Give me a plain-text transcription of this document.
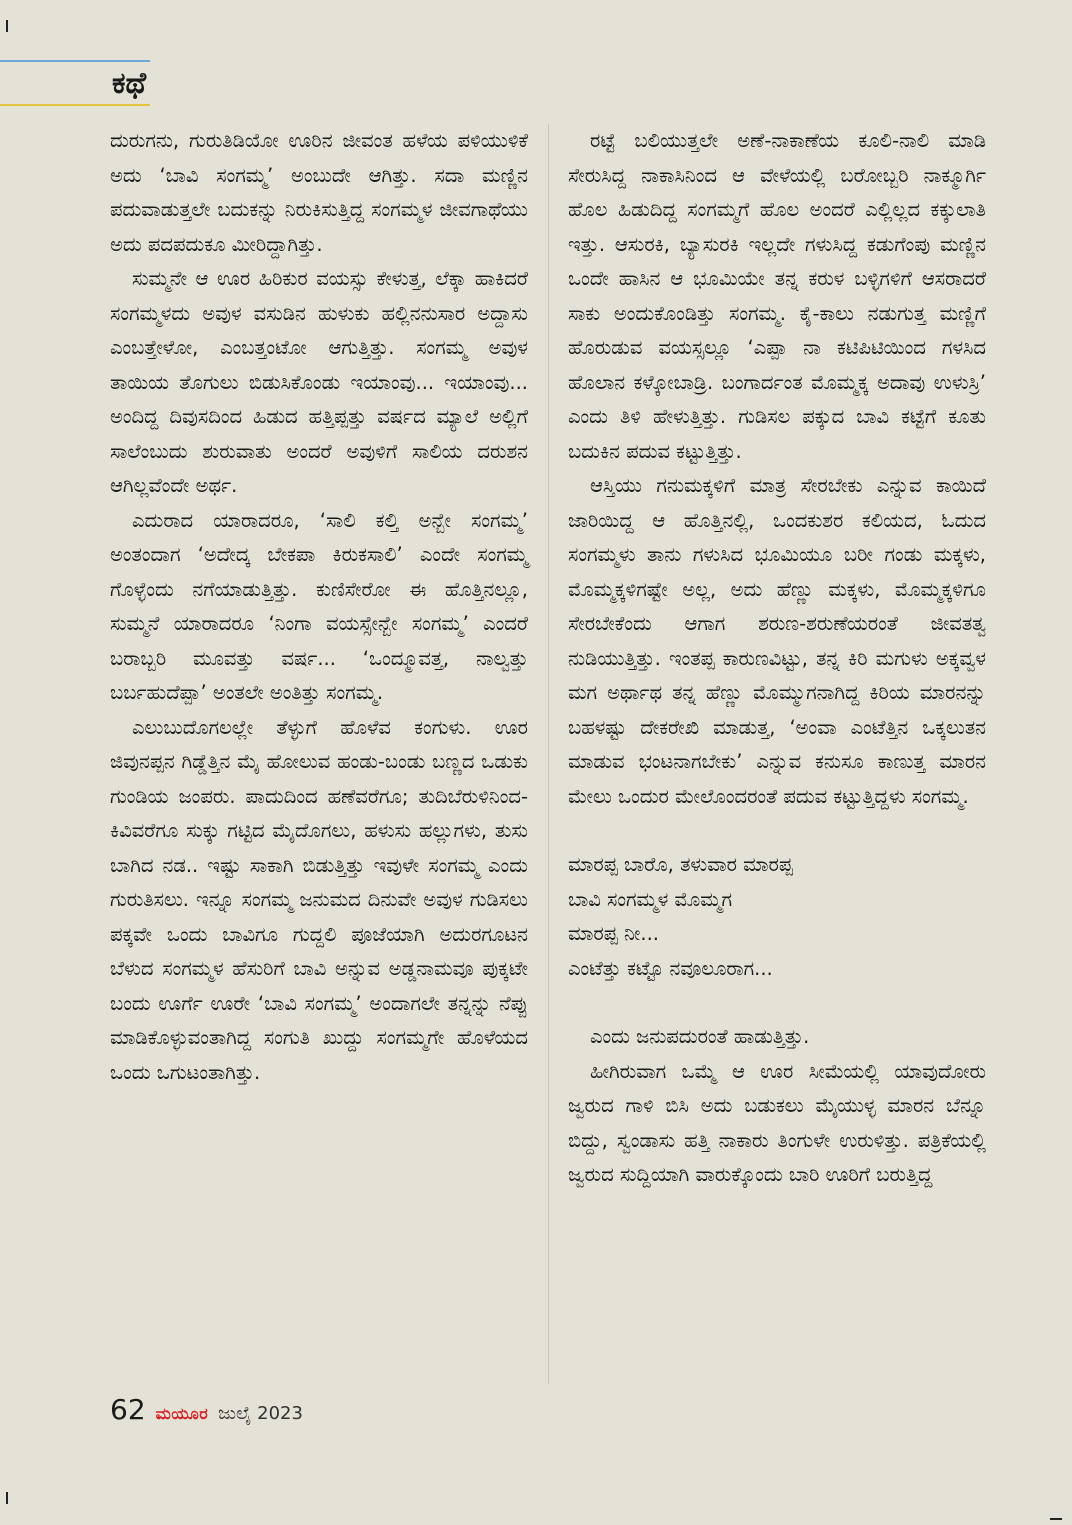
ಕಥೆ

ದುರುಗನು, ಗುರುತಿಡಿಯೋ ಊರಿನ ಜೀವಂತ ಹಳೆಯ ಪಳಿಯುಳಿಕೆ ಅದು ‘ಬಾವಿ ಸಂಗಮ್ಮ’ ಅಂಬುದೇ ಆಗಿತ್ತು. ಸದಾ ಮಣ್ಣಿನ ಪದುವಾಡುತ್ತಲೇ ಬದುಕನ್ನು ನಿರುಕಿಸುತ್ತಿದ್ದ ಸಂಗಮ್ಮಳ ಜೀವಗಾಥೆಯು ಅದು ಪದಪದುಕೂ ಮೀರಿದ್ದಾಗಿತ್ತು.

ಸುಮ್ಮನೇ ಆ ಊರ ಹಿರಿಕುರ ವಯಸ್ಸು ಕೇಳುತ್ತ, ಲೆಕ್ಕಾ ಹಾಕಿದರೆ ಸಂಗಮ್ಮಳದು ಅವುಳ ವಸುಡಿನ ಹುಳುಕು ಹಲ್ಲಿನನುಸಾರ ಅದ್ದಾಸು ಎಂಬತ್ತೇಳೋ, ಎಂಬತ್ತಂಟೋ ಆಗುತ್ತಿತ್ತು. ಸಂಗಮ್ಮ ಅವುಳ ತಾಯಿಯ ತೊಗುಲು ಬಿಡುಸಿಕೊಂಡು ಇಯಾಂವು... ಇಯಾಂವು... ಅಂದಿದ್ದ ದಿವುಸದಿಂದ ಹಿಡುದ ಹತ್ತಿಪ್ಪತ್ತು ವರ್ಷದ ಮ್ಯಾಲೆ ಅಲ್ಲಿಗೆ ಸಾಲೆಂಬುದು ಶುರುವಾತು ಅಂದರೆ ಅವುಳಿಗೆ ಸಾಲಿಯ ದರುಶನ ಆಗಿಲ್ಲವೆಂದೇ ಅರ್ಥ.

ಎದುರಾದ ಯಾರಾದರೂ, ‘ಸಾಲಿ ಕಲ್ತಿ ಅನ್ಬೇ ಸಂಗಮ್ಮ’ ಅಂತಂದಾಗ ‘ಅದೇದ್ಕ ಬೇಕಪಾ ಕಿರುಕಸಾಲಿ’ ಎಂದೇ ಸಂಗಮ್ಮ ಗೊಳ್ಳೆಂದು ನಗೆಯಾಡುತ್ತಿತ್ತು. ಕುಣಿಸೇರೋ ಈ ಹೊತ್ತಿನಲ್ಲೂ, ಸುಮ್ಮನೆ ಯಾರಾದರೂ ‘ನಿಂಗಾ ವಯಸ್ಸೇನ್ಬೇ ಸಂಗಮ್ಮ’ ಎಂದರೆ ಬರಾಬ್ಬರಿ ಮೂವತ್ತು ವರ್ಷ... ‘ಒಂದ್ಮೂವತ್ತ, ನಾಲ್ವತ್ತು ಬರ್ಬಹುದೆಪ್ಪಾ’ ಅಂತಲೇ ಅಂತಿತ್ತು ಸಂಗಮ್ಮ.

ಎಲುಬುದೊಗಲಲ್ಲೇ ತೆಳ್ಳುಗೆ ಹೊಳೆವ ಕಂಗುಳು. ಊರ ಜಿವುನಪ್ಪನ ಗಿಡ್ಡೆತ್ತಿನ ಮೈ ಹೋಲುವ ಹಂಡು-ಬಂಡು ಬಣ್ಣದ ಒಡುಕು ಗುಂಡಿಯ ಜಂಪರು. ಪಾದುದಿಂದ ಹಣೆವರೆಗೂ; ತುದಿಬೆರುಳಿನಿಂದ-ಕಿವಿವರೆಗೂ ಸುಕ್ಕು ಗಟ್ಟಿದ ಮೈದೊಗಲು, ಹಳುಸು ಹಲ್ಲುಗಳು, ತುಸು ಬಾಗಿದ ನಡ.. ಇಷ್ಟು ಸಾಕಾಗಿ ಬಿಡುತ್ತಿತ್ತು ಇವುಳೇ ಸಂಗಮ್ಮ ಎಂದು ಗುರುತಿಸಲು. ಇನ್ನೂ ಸಂಗಮ್ಮ ಜನುಮದ ದಿನುವೇ ಅವುಳ ಗುಡಿಸಲು ಪಕ್ಕವೇ ಒಂದು ಬಾವಿಗೂ ಗುದ್ದಲಿ ಪೂಜೆಯಾಗಿ ಅದುರಗೂಟನ ಬೆಳುದ ಸಂಗಮ್ಮಳ ಹೆಸುರಿಗೆ ಬಾವಿ ಅನ್ನುವ ಅಡ್ಡನಾಮವೂ ಪುಕ್ಕಟೇ ಬಂದು ಊರ್ಗೆ ಊರೇ ‘ಬಾವಿ ಸಂಗಮ್ಮ’ ಅಂದಾಗಲೇ ತನ್ನನ್ನು ನೆಪ್ಪು ಮಾಡಿಕೊಳ್ಳುವಂತಾಗಿದ್ದ ಸಂಗುತಿ ಖುದ್ದು ಸಂಗಮ್ಮಗೇ ಹೊಳೆಯದ ಒಂದು ಒಗುಟಂತಾಗಿತ್ತು.

ರಟ್ಟೆ ಬಲಿಯುತ್ತಲೇ ಅಣೆ-ನಾಕಾಣೆಯ ಕೂಲಿ-ನಾಲಿ ಮಾಡಿ ಸೇರುಸಿದ್ದ ನಾಕಾಸಿನಿಂದ ಆ ವೇಳೆಯಲ್ಲಿ ಬರೋಬ್ಬರಿ ನಾಕ್ಮೂರ್ಗಿ ಹೊಲ ಹಿಡುದಿದ್ದ ಸಂಗಮ್ಮಗೆ ಹೊಲ ಅಂದರೆ ಎಲ್ಲಿಲ್ಲದ ಕಕ್ಕುಲಾತಿ ಇತ್ತು. ಆಸುರಕಿ, ಬ್ಯಾಸುರಕಿ ಇಲ್ಲದೇ ಗಳುಸಿದ್ದ ಕಡುಗೆಂಪು ಮಣ್ಣಿನ ಒಂದೇ ಹಾಸಿನ ಆ ಭೂಮಿಯೇ ತನ್ನ ಕರುಳ ಬಳ್ಳಿಗಳಿಗೆ ಆಸರಾದರೆ ಸಾಕು ಅಂದುಕೊಂಡಿತ್ತು ಸಂಗಮ್ಮ. ಕೈ-ಕಾಲು ನಡುಗುತ್ತ ಮಣ್ಣಿಗೆ ಹೊರುಡುವ ವಯಸ್ಸಲ್ಲೂ ‘ಎಪ್ಪಾ ನಾ ಕಟಿಪಿಟಿಯಿಂದ ಗಳಸಿದ ಹೊಲಾನ ಕಳ್ಕೋಬಾಡ್ರಿ. ಬಂಗಾರ್ದಂತ ಮೊಮ್ಮಕ್ಕ ಅದಾವು ಉಳುಸ್ರಿ’ ಎಂದು ತಿಳಿ ಹೇಳುತ್ತಿತ್ತು. ಗುಡಿಸಲ ಪಕ್ಕುದ ಬಾವಿ ಕಟ್ಟೆಗೆ ಕೂತು ಬದುಕಿನ ಪದುವ ಕಟ್ಟುತ್ತಿತ್ತು.

ಆಸ್ತಿಯು ಗನುಮಕ್ಕಳಿಗೆ ಮಾತ್ರ ಸೇರಬೇಕು ಎನ್ನುವ ಕಾಯಿದೆ ಜಾರಿಯಿದ್ದ ಆ ಹೊತ್ತಿನಲ್ಲಿ, ಒಂದಕುಶರ ಕಲಿಯದ, ಓದುದ ಸಂಗಮ್ಮಳು ತಾನು ಗಳುಸಿದ ಭೂಮಿಯೂ ಬರೀ ಗಂಡು ಮಕ್ಕಳು, ಮೊಮ್ಮಕ್ಕಳಿಗಷ್ಟೇ ಅಲ್ಲ, ಅದು ಹೆಣ್ಣು ಮಕ್ಕಳು, ಮೊಮ್ಮಕ್ಕಳಿಗೂ ಸೇರಬೇಕೆಂದು ಆಗಾಗ ಶರುಣ-ಶರುಣೆಯರಂತೆ ಜೀವತತ್ವ ನುಡಿಯುತ್ತಿತ್ತು. ಇಂತಪ್ಪ ಕಾರುಣವಿಟ್ಟು, ತನ್ನ ಕಿರಿ ಮಗುಳು ಅಕ್ಕವ್ವಳ ಮಗ ಅರ್ಥಾಥ ತನ್ನ ಹೆಣ್ಣು ಮೊಮ್ಮುಗನಾಗಿದ್ದ ಕಿರಿಯ ಮಾರನನ್ನು ಬಹಳಷ್ಟು ದೇಕರೇಖಿ ಮಾಡುತ್ತ, ‘ಅಂವಾ ಎಂಟೆತ್ತಿನ ಒಕ್ಕಲುತನ ಮಾಡುವ ಭಂಟನಾಗಬೇಕು’ ಎನ್ನುವ ಕನುಸೂ ಕಾಣುತ್ತ ಮಾರನ ಮೇಲು ಒಂದುರ ಮೇಲೊಂದರಂತೆ ಪದುವ ಕಟ್ಟುತ್ತಿದ್ದಳು ಸಂಗಮ್ಮ.

ಮಾರಪ್ಪ ಬಾರೊ, ತಳುವಾರ ಮಾರಪ್ಪ
ಬಾವಿ ಸಂಗಮ್ಮಳ ಮೊಮ್ಮಗ
ಮಾರಪ್ಪ ನೀ...
ಎಂಟೆತ್ತು ಕಟ್ಟೊ ನವೂಲೂರಾಗ...

ಎಂದು ಜನುಪದುರಂತೆ ಹಾಡುತ್ತಿತ್ತು.

ಹೀಗಿರುವಾಗ ಒಮ್ಮೆ ಆ ಊರ ಸೀಮೆಯಲ್ಲಿ ಯಾವುದೋರು ಜ್ವರುದ ಗಾಳಿ ಬಿಸಿ ಅದು ಬಡುಕಲು ಮೈಯುಳ್ಳ ಮಾರನ ಬೆನ್ನೂ ಬಿದ್ದು, ಸ್ವಂಡಾಸು ಹತ್ತಿ ನಾಕಾರು ತಿಂಗುಳೇ ಉರುಳಿತ್ತು. ಪತ್ರಿಕೆಯಲ್ಲಿ ಜ್ವರುದ ಸುದ್ದಿಯಾಗಿ ವಾರುಕ್ಕೊಂದು ಬಾರಿ ಊರಿಗೆ ಬರುತ್ತಿದ್ದ

62 ಮಯೂರ ಜುಲೈ 2023
